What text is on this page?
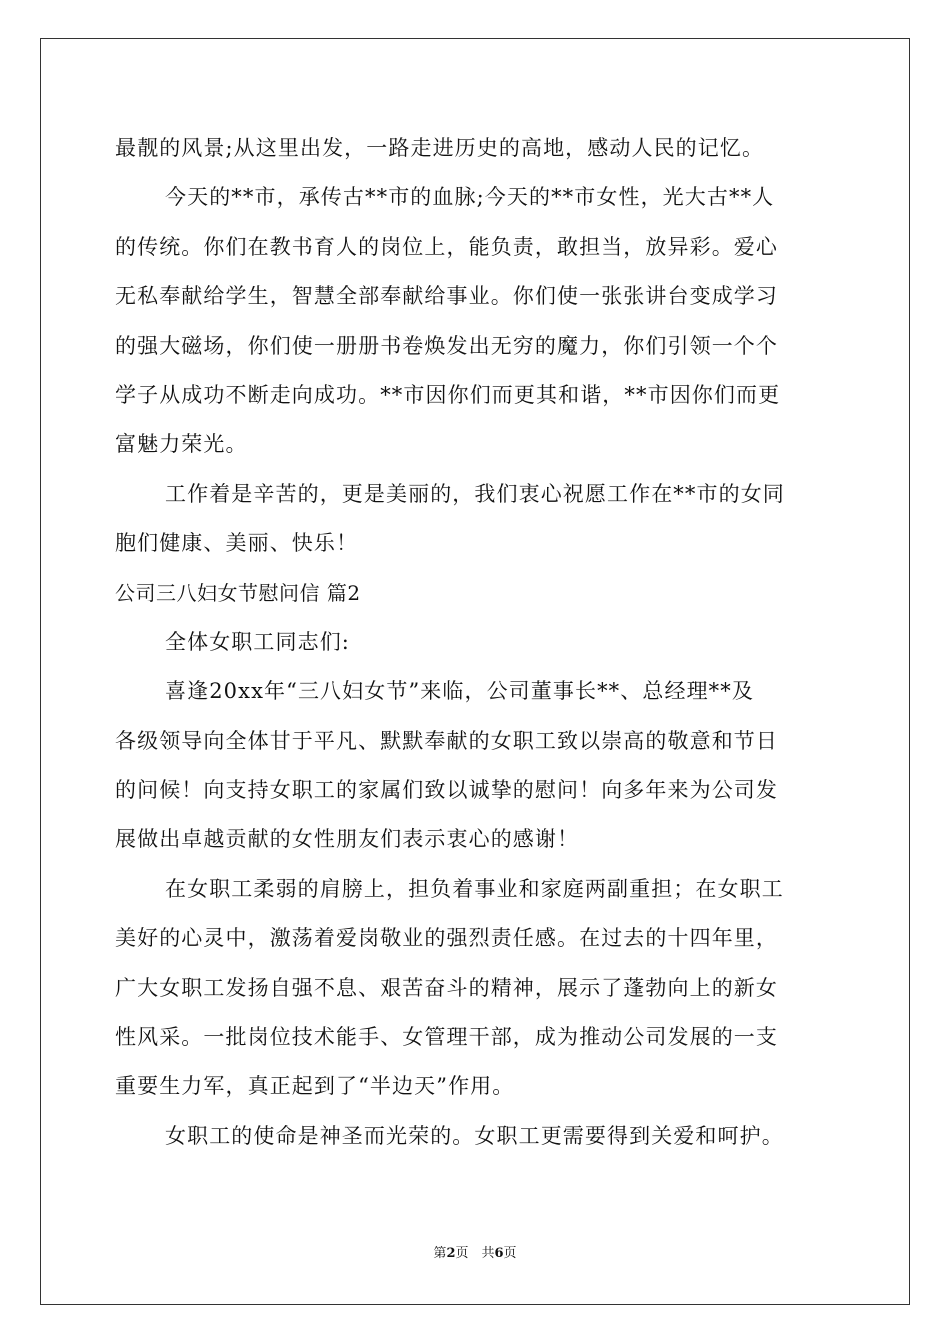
最靓的风景;从这里出发，一路走进历史的高地，感动人民的记忆。
今天的**市，承传古**市的血脉;今天的**市女性，光大古**人
的传统。你们在教书育人的岗位上，能负责，敢担当，放异彩。爱心
无私奉献给学生，智慧全部奉献给事业。你们使一张张讲台变成学习
的强大磁场，你们使一册册书卷焕发出无穷的魔力，你们引领一个个
学子从成功不断走向成功。**市因你们而更其和谐，**市因你们而更
富魅力荣光。
工作着是辛苦的，更是美丽的，我们衷心祝愿工作在**市的女同
胞们健康、美丽、快乐！
公司三八妇女节慰问信 篇2
全体女职工同志们:
喜逢20xx年“三八妇女节”来临，公司董事长**、总经理**及
各级领导向全体甘于平凡、默默奉献的女职工致以崇高的敬意和节日
的问候！向支持女职工的家属们致以诚挚的慰问！向多年来为公司发
展做出卓越贡献的女性朋友们表示衷心的感谢！
在女职工柔弱的肩膀上，担负着事业和家庭两副重担；在女职工
美好的心灵中，激荡着爱岗敬业的强烈责任感。在过去的十四年里，
广大女职工发扬自强不息、艰苦奋斗的精神，展示了蓬勃向上的新女
性风采。一批岗位技术能手、女管理干部，成为推动公司发展的一支
重要生力军，真正起到了“半边天”作用。
女职工的使命是神圣而光荣的。女职工更需要得到关爱和呵护。
第2页　共6页
